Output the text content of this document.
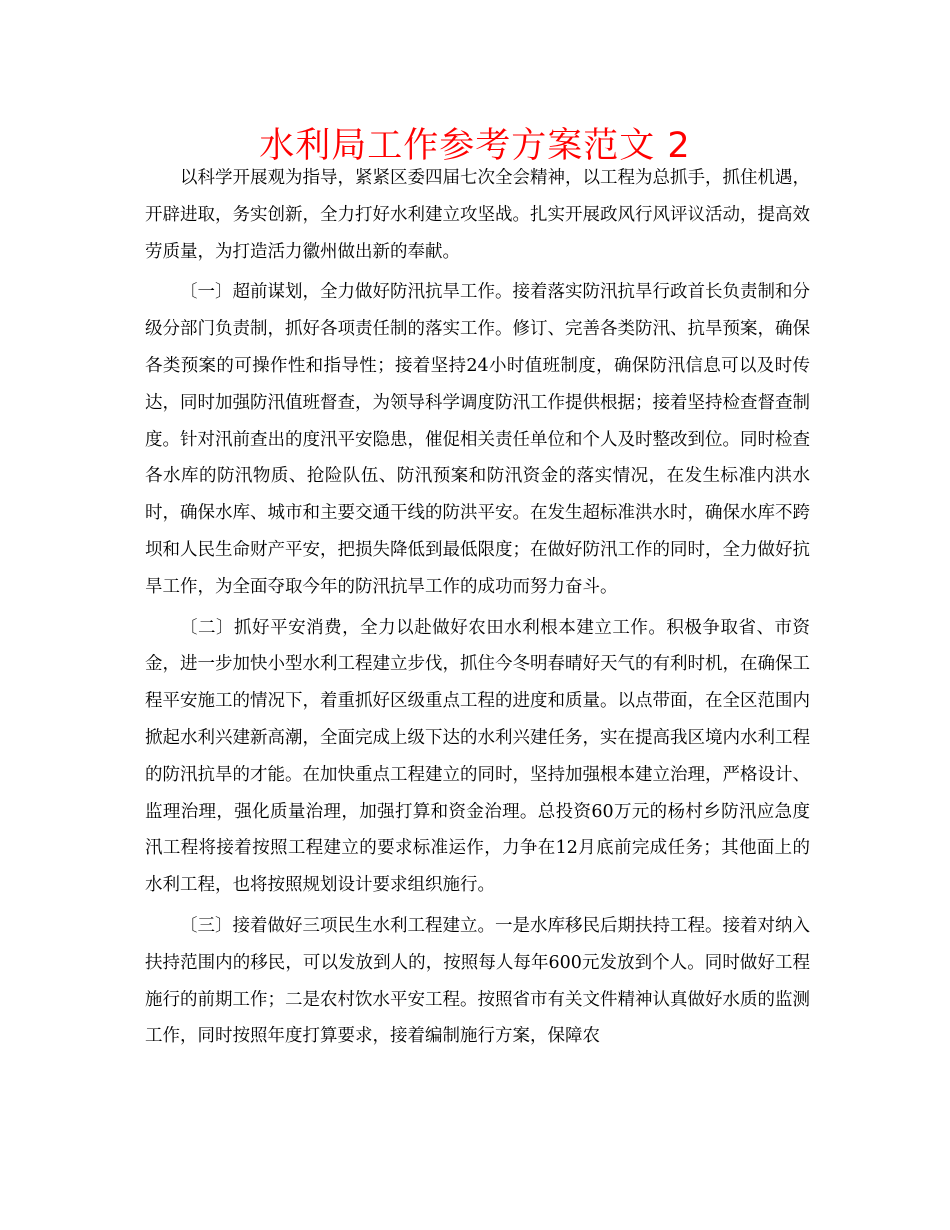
水利局工作参考方案范文 2

以科学开展观为指导，紧紧区委四届七次全会精神，以工程为总抓手，抓住机遇，开辟进取，务实创新，全力打好水利建立攻坚战。扎实开展政风行风评议活动，提高效劳质量，为打造活力徽州做出新的奉献。

〔一〕超前谋划，全力做好防汛抗旱工作。接着落实防汛抗旱行政首长负责制和分级分部门负责制，抓好各项责任制的落实工作。修订、完善各类防汛、抗旱预案，确保各类预案的可操作性和指导性；接着坚持24小时值班制度，确保防汛信息可以及时传达，同时加强防汛值班督查，为领导科学调度防汛工作提供根据；接着坚持检查督查制度。针对汛前查出的度汛平安隐患，催促相关责任单位和个人及时整改到位。同时检查各水库的防汛物质、抢险队伍、防汛预案和防汛资金的落实情况，在发生标准内洪水时，确保水库、城市和主要交通干线的防洪平安。在发生超标准洪水时，确保水库不跨坝和人民生命财产平安，把损失降低到最低限度；在做好防汛工作的同时，全力做好抗旱工作，为全面夺取今年的防汛抗旱工作的成功而努力奋斗。

〔二〕抓好平安消费，全力以赴做好农田水利根本建立工作。积极争取省、市资金，进一步加快小型水利工程建立步伐，抓住今冬明春晴好天气的有利时机，在确保工程平安施工的情况下，着重抓好区级重点工程的进度和质量。以点带面，在全区范围内掀起水利兴建新高潮，全面完成上级下达的水利兴建任务，实在提高我区境内水利工程的防汛抗旱的才能。在加快重点工程建立的同时，坚持加强根本建立治理，严格设计、监理治理，强化质量治理，加强打算和资金治理。总投资60万元的杨村乡防汛应急度汛工程将接着按照工程建立的要求标准运作，力争在12月底前完成任务；其他面上的水利工程，也将按照规划设计要求组织施行。

〔三〕接着做好三项民生水利工程建立。一是水库移民后期扶持工程。接着对纳入扶持范围内的移民，可以发放到人的，按照每人每年600元发放到个人。同时做好工程施行的前期工作；二是农村饮水平安工程。按照省市有关文件精神认真做好水质的监测工作，同时按照年度打算要求，接着编制施行方案，保障农
